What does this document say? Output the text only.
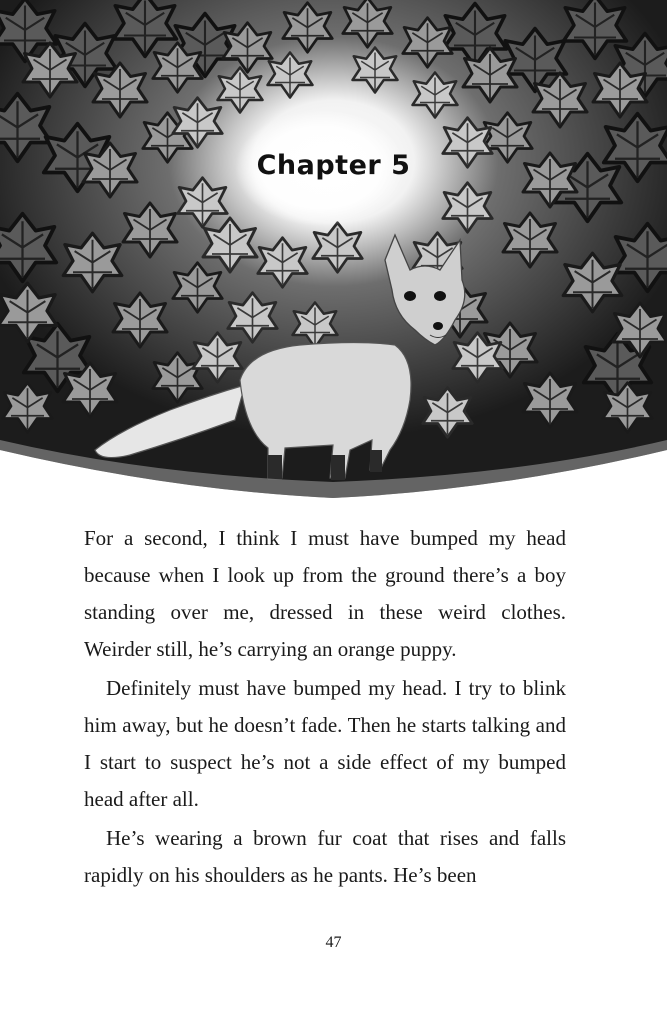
Chapter 5

For a second, I think I must have bumped my head because when I look up from the ground there’s a boy standing over me, dressed in these weird clothes. Weirder still, he’s carrying an orange puppy.

Definitely must have bumped my head. I try to blink him away, but he doesn’t fade. Then he starts talking and I start to suspect he’s not a side effect of my bumped head after all.

He’s wearing a brown fur coat that rises and falls rapidly on his shoulders as he pants. He’s been

47
